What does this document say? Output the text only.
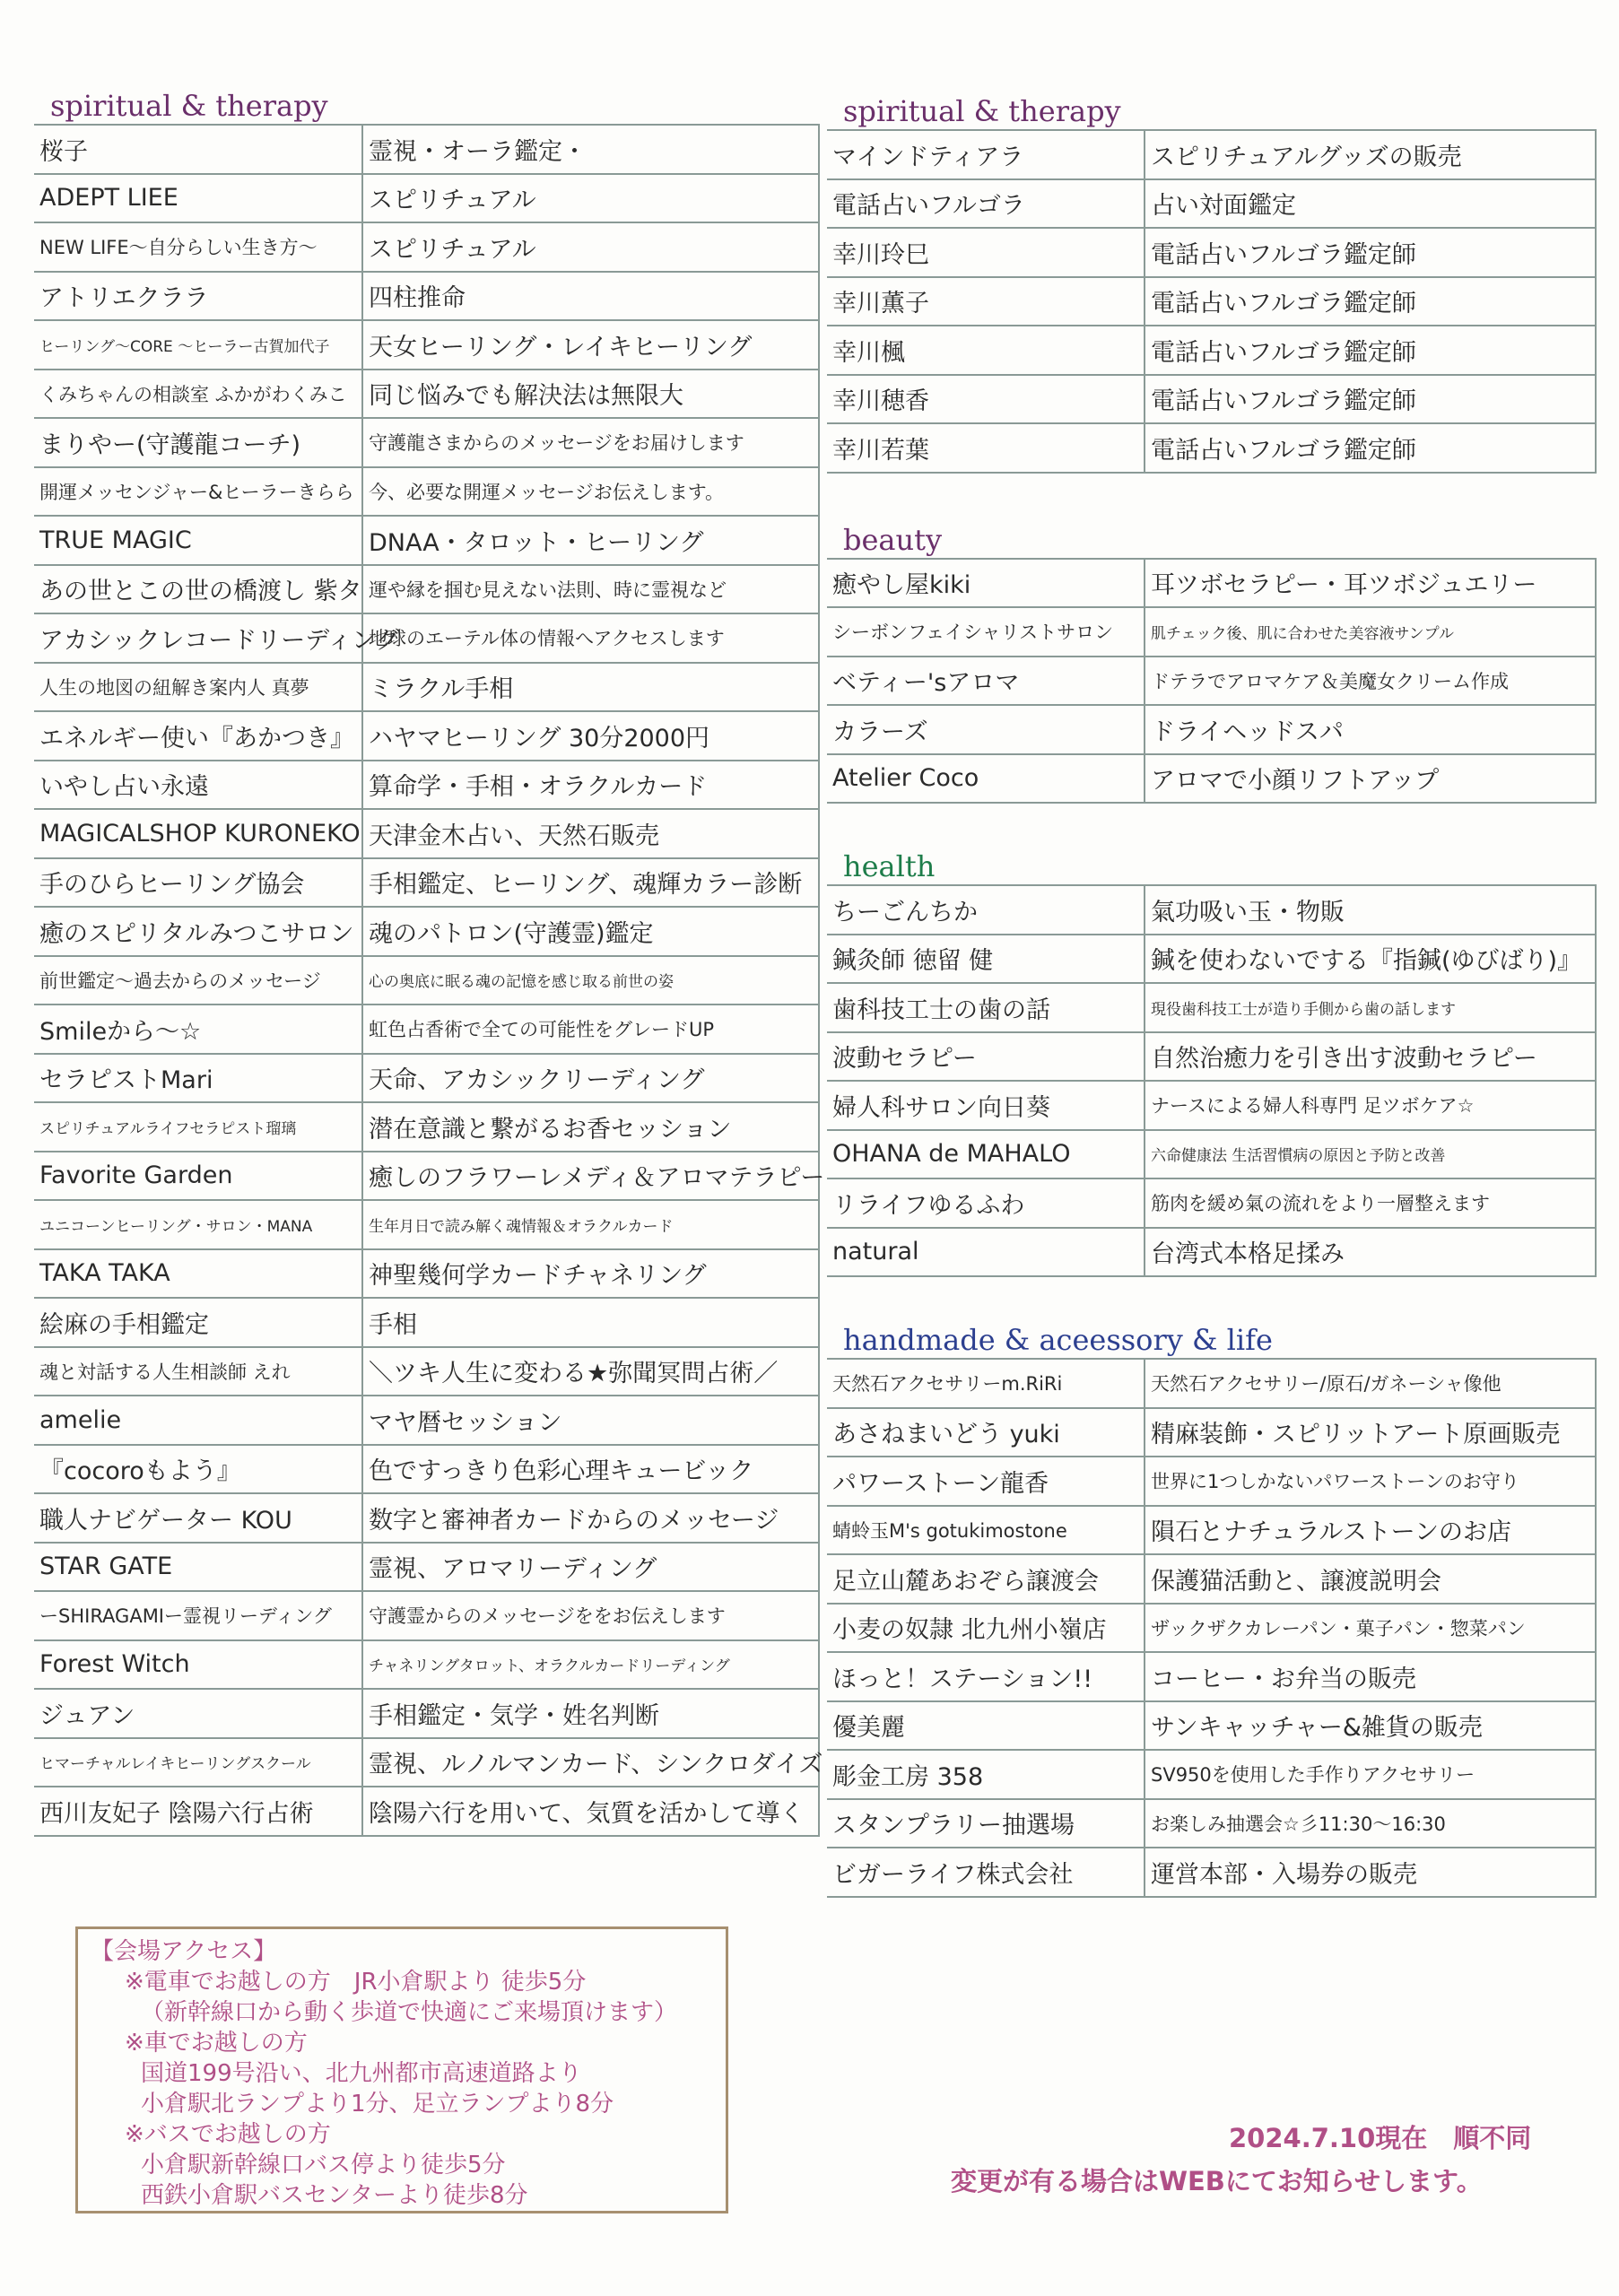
spiritual & therapy
桜子	霊視・オーラ鑑定・
ADEPT LIEE	スピリチュアル
NEW LIFE～自分らしい生き方～	スピリチュアル
アトリエクララ	四柱推命
ヒーリング～CORE ～ヒーラー古賀加代子	天女ヒーリング・レイキヒーリング
くみちゃんの相談室 ふかがわくみこ	同じ悩みでも解決法は無限大
まりやー(守護龍コーチ)	守護龍さまからのメッセージをお届けします
開運メッセンジャー&ヒーラーきらら	今、必要な開運メッセージお伝えします。
TRUE MAGIC	DNAA・タロット・ヒーリング
あの世とこの世の橋渡し 紫タ	運や縁を掴む見えない法則、時に霊視など
アカシックレコードリーディング	地球のエーテル体の情報へアクセスします
人生の地図の紐解き案内人 真夢	ミラクル手相
エネルギー使い『あかつき』	ハヤマヒーリング 30分2000円
いやし占い永遠	算命学・手相・オラクルカード
MAGICALSHOP KURONEKO	天津金木占い、天然石販売
手のひらヒーリング協会	手相鑑定、ヒーリング、魂輝カラー診断
癒のスピリタルみつこサロン	魂のパトロン(守護霊)鑑定
前世鑑定～過去からのメッセージ	心の奥底に眠る魂の記憶を感じ取る前世の姿
Smileから～☆	虹色占香術で全ての可能性をグレードUP
セラピストMari	天命、アカシックリーディング
スピリチュアルライフセラピスト瑠璃	潜在意識と繋がるお香セッション
Favorite Garden	癒しのフラワーレメディ＆アロマテラピー
ユニコーンヒーリング・サロン・MANA	生年月日で読み解く魂情報＆オラクルカード
TAKA TAKA	神聖幾何学カードチャネリング
絵麻の手相鑑定	手相
魂と対話する人生相談師 えれ	＼ツキ人生に変わる★弥聞冥問占術／
amelie	マヤ暦セッション
『cocoroもよう』	色ですっきり色彩心理キュービック
職人ナビゲーター KOU	数字と審神者カードからのメッセージ
STAR GATE	霊視、アロマリーディング
ーSHIRAGAMIー霊視リーディング	守護霊からのメッセージををお伝えします
Forest Witch	チャネリングタロット、オラクルカードリーディング
ジュアン	手相鑑定・気学・姓名判断
ヒマーチャルレイキヒーリングスクール	霊視、ルノルマンカード、シンクロダイズ
西川友妃子 陰陽六行占術	陰陽六行を用いて、気質を活かして導く
spiritual & therapy
マインドティアラ	スピリチュアルグッズの販売
電話占いフルゴラ	占い対面鑑定
幸川玲巳	電話占いフルゴラ鑑定師
幸川薫子	電話占いフルゴラ鑑定師
幸川楓	電話占いフルゴラ鑑定師
幸川穂香	電話占いフルゴラ鑑定師
幸川若葉	電話占いフルゴラ鑑定師
beauty
癒やし屋kiki	耳ツボセラピー・耳ツボジュエリー
シーボンフェイシャリストサロン	肌チェック後、肌に合わせた美容液サンプル
ベティー'sアロマ	ドテラでアロマケア＆美魔女クリーム作成
カラーズ	ドライヘッドスパ
Atelier Coco	アロマで小顔リフトアップ
health
ちーごんちか	氣功吸い玉・物販
鍼灸師 徳留 健	鍼を使わないでする『指鍼(ゆびばり)』
歯科技工士の歯の話	現役歯科技工士が造り手側から歯の話します
波動セラピー	自然治癒力を引き出す波動セラピー
婦人科サロン向日葵	ナースによる婦人科専門 足ツボケア☆
OHANA de MAHALO	六命健康法 生活習慣病の原因と予防と改善
リライフゆるふわ	筋肉を緩め氣の流れをより一層整えます
natural	台湾式本格足揉み
handmade & aceessory & life
天然石アクセサリーm.RiRi	天然石アクセサリー/原石/ガネーシャ像他
あさねまいどう yuki	精麻装飾・スピリットアート原画販売
パワーストーン龍香	世界に1つしかないパワーストーンのお守り
蜻蛉玉M's gotukimostone	隕石とナチュラルストーンのお店
足立山麓あおぞら譲渡会	保護猫活動と、譲渡説明会
小麦の奴隷 北九州小嶺店	ザックザクカレーパン・菓子パン・惣菜パン
ほっと！ステーション!!	コーヒー・お弁当の販売
優美麗	サンキャッチャー&雑貨の販売
彫金工房 358	SV950を使用した手作りアクセサリー
スタンプラリー抽選場	お楽しみ抽選会☆彡11:30～16:30
ビガーライフ株式会社	運営本部・入場券の販売
【会場アクセス】
※電車でお越しの方　JR小倉駅より 徒歩5分
（新幹線口から動く歩道で快適にご来場頂けます）
※車でお越しの方
国道199号沿い、北九州都市高速道路より
小倉駅北ランプより1分、足立ランプより8分
※バスでお越しの方
小倉駅新幹線口バス停より徒歩5分
西鉄小倉駅バスセンターより徒歩8分
2024.7.10現在　順不同
変更が有る場合はWEBにてお知らせします。
